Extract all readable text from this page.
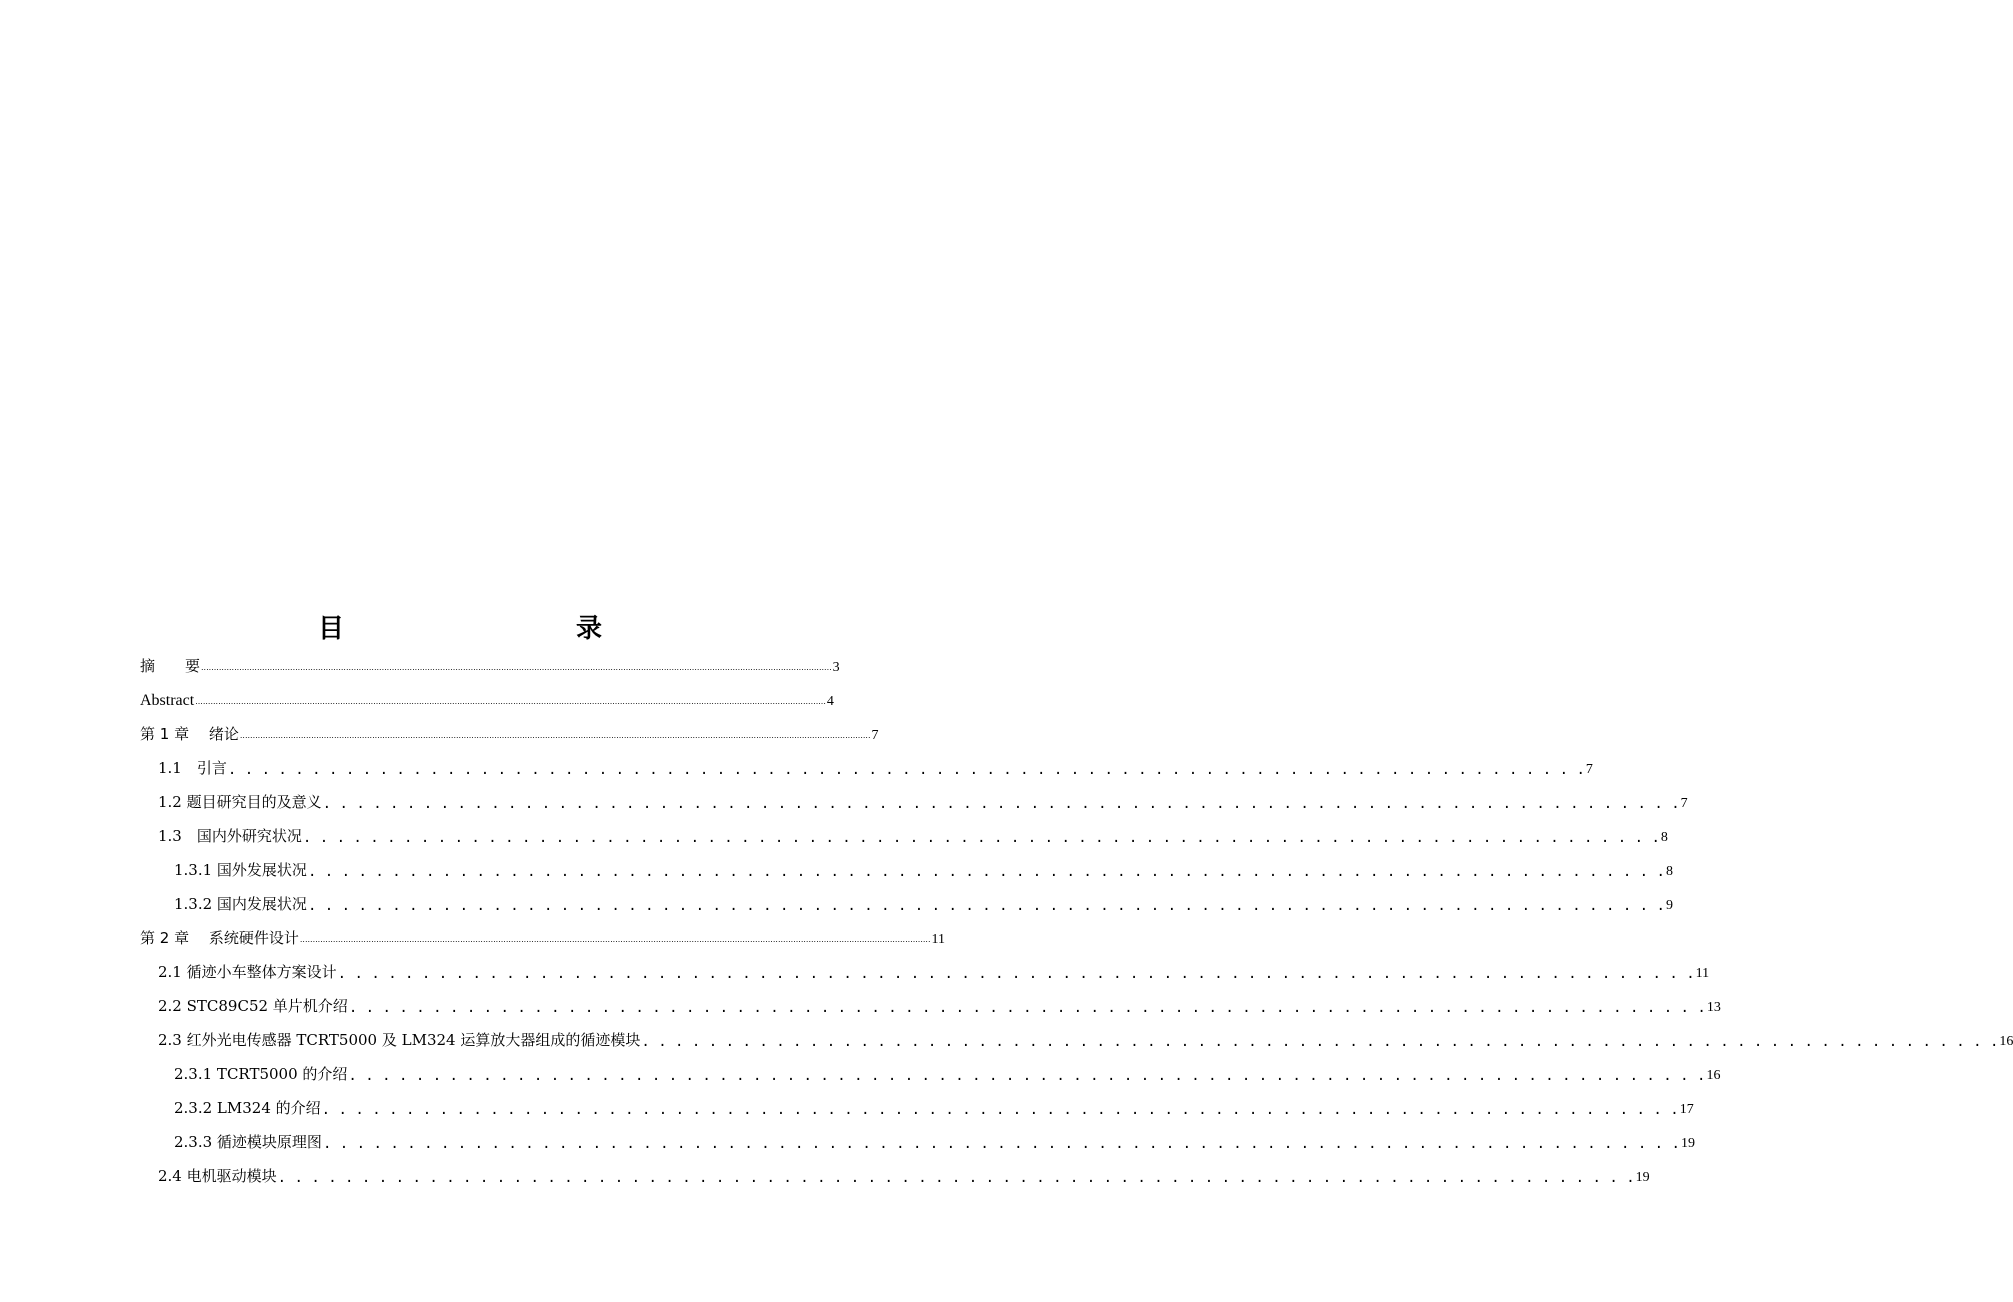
目　　录
摘　　要 ........................................................................................................................................................................................................................................................ 3
Abstract ........................................................................................................................................................................................................................................................ 4
第 1 章　 绪论 ........................................................................................................................................................................................................................................................ 7
1.1　引言 . . . . . . . . . . . . . . . . . . . . . . . . . . . . . . . . . . . . . . . . . . . . . . . . . . . . . . . . . . . . . . . . . . . . . . . . . . . . . . . . . 7
1.2 题目研究目的及意义 . . . . . . . . . . . . . . . . . . . . . . . . . . . . . . . . . . . . . . . . . . . . . . . . . . . . . . . . . . . . . . . . . . . . . . . . . . . . . . . . . 7
1.3　国内外研究状况 . . . . . . . . . . . . . . . . . . . . . . . . . . . . . . . . . . . . . . . . . . . . . . . . . . . . . . . . . . . . . . . . . . . . . . . . . . . . . . . . . 8
1.3.1 国外发展状况 . . . . . . . . . . . . . . . . . . . . . . . . . . . . . . . . . . . . . . . . . . . . . . . . . . . . . . . . . . . . . . . . . . . . . . . . . . . . . . . . . 8
1.3.2 国内发展状况 . . . . . . . . . . . . . . . . . . . . . . . . . . . . . . . . . . . . . . . . . . . . . . . . . . . . . . . . . . . . . . . . . . . . . . . . . . . . . . . . . 9
第 2 章　 系统硬件设计 ........................................................................................................................................................................................................................................................ 11
2.1 循迹小车整体方案设计 . . . . . . . . . . . . . . . . . . . . . . . . . . . . . . . . . . . . . . . . . . . . . . . . . . . . . . . . . . . . . . . . . . . . . . . . . . . . . . . . . 11
2.2 STC89C52 单片机介绍 . . . . . . . . . . . . . . . . . . . . . . . . . . . . . . . . . . . . . . . . . . . . . . . . . . . . . . . . . . . . . . . . . . . . . . . . . . . . . . . . . 13
2.3 红外光电传感器 TCRT5000 及 LM324 运算放大器组成的循迹模块 . . . . . . . . . . . . . . . . . . . . . . . . . . . . . . . . . . . . . . . . . . . . . . . . . . . . . . . . . . . . . . . . . . . . . . . . . . . . . . . . . 16
2.3.1 TCRT5000 的介绍 . . . . . . . . . . . . . . . . . . . . . . . . . . . . . . . . . . . . . . . . . . . . . . . . . . . . . . . . . . . . . . . . . . . . . . . . . . . . . . . . . 16
2.3.2 LM324 的介绍 . . . . . . . . . . . . . . . . . . . . . . . . . . . . . . . . . . . . . . . . . . . . . . . . . . . . . . . . . . . . . . . . . . . . . . . . . . . . . . . . . 17
2.3.3 循迹模块原理图 . . . . . . . . . . . . . . . . . . . . . . . . . . . . . . . . . . . . . . . . . . . . . . . . . . . . . . . . . . . . . . . . . . . . . . . . . . . . . . . . . 19
2.4 电机驱动模块 . . . . . . . . . . . . . . . . . . . . . . . . . . . . . . . . . . . . . . . . . . . . . . . . . . . . . . . . . . . . . . . . . . . . . . . . . . . . . . . . . 19
